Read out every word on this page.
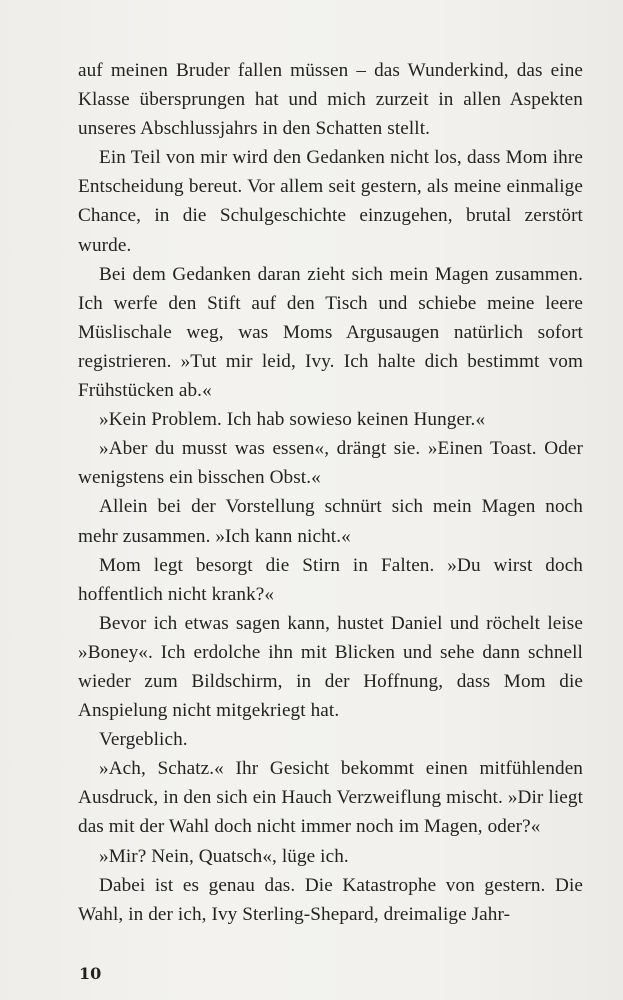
auf meinen Bruder fallen müssen – das Wunderkind, das eine Klasse übersprungen hat und mich zurzeit in allen Aspekten unseres Abschlussjahrs in den Schatten stellt.

Ein Teil von mir wird den Gedanken nicht los, dass Mom ihre Entscheidung bereut. Vor allem seit gestern, als meine einmalige Chance, in die Schulgeschichte einzugehen, brutal zerstört wurde.

Bei dem Gedanken daran zieht sich mein Magen zusammen. Ich werfe den Stift auf den Tisch und schiebe meine leere Müslischale weg, was Moms Argusaugen natürlich sofort registrieren. »Tut mir leid, Ivy. Ich halte dich bestimmt vom Frühstücken ab.«

»Kein Problem. Ich hab sowieso keinen Hunger.«

»Aber du musst was essen«, drängt sie. »Einen Toast. Oder wenigstens ein bisschen Obst.«

Allein bei der Vorstellung schnürt sich mein Magen noch mehr zusammen. »Ich kann nicht.«

Mom legt besorgt die Stirn in Falten. »Du wirst doch hoffentlich nicht krank?«

Bevor ich etwas sagen kann, hustet Daniel und röchelt leise »Boney«. Ich erdolche ihn mit Blicken und sehe dann schnell wieder zum Bildschirm, in der Hoffnung, dass Mom die Anspielung nicht mitgekriegt hat.

Vergeblich.

»Ach, Schatz.« Ihr Gesicht bekommt einen mitfühlenden Ausdruck, in den sich ein Hauch Verzweiflung mischt. »Dir liegt das mit der Wahl doch nicht immer noch im Magen, oder?«

»Mir? Nein, Quatsch«, lüge ich.

Dabei ist es genau das. Die Katastrophe von gestern. Die Wahl, in der ich, Ivy Sterling-Shepard, dreimalige Jahr-

10
